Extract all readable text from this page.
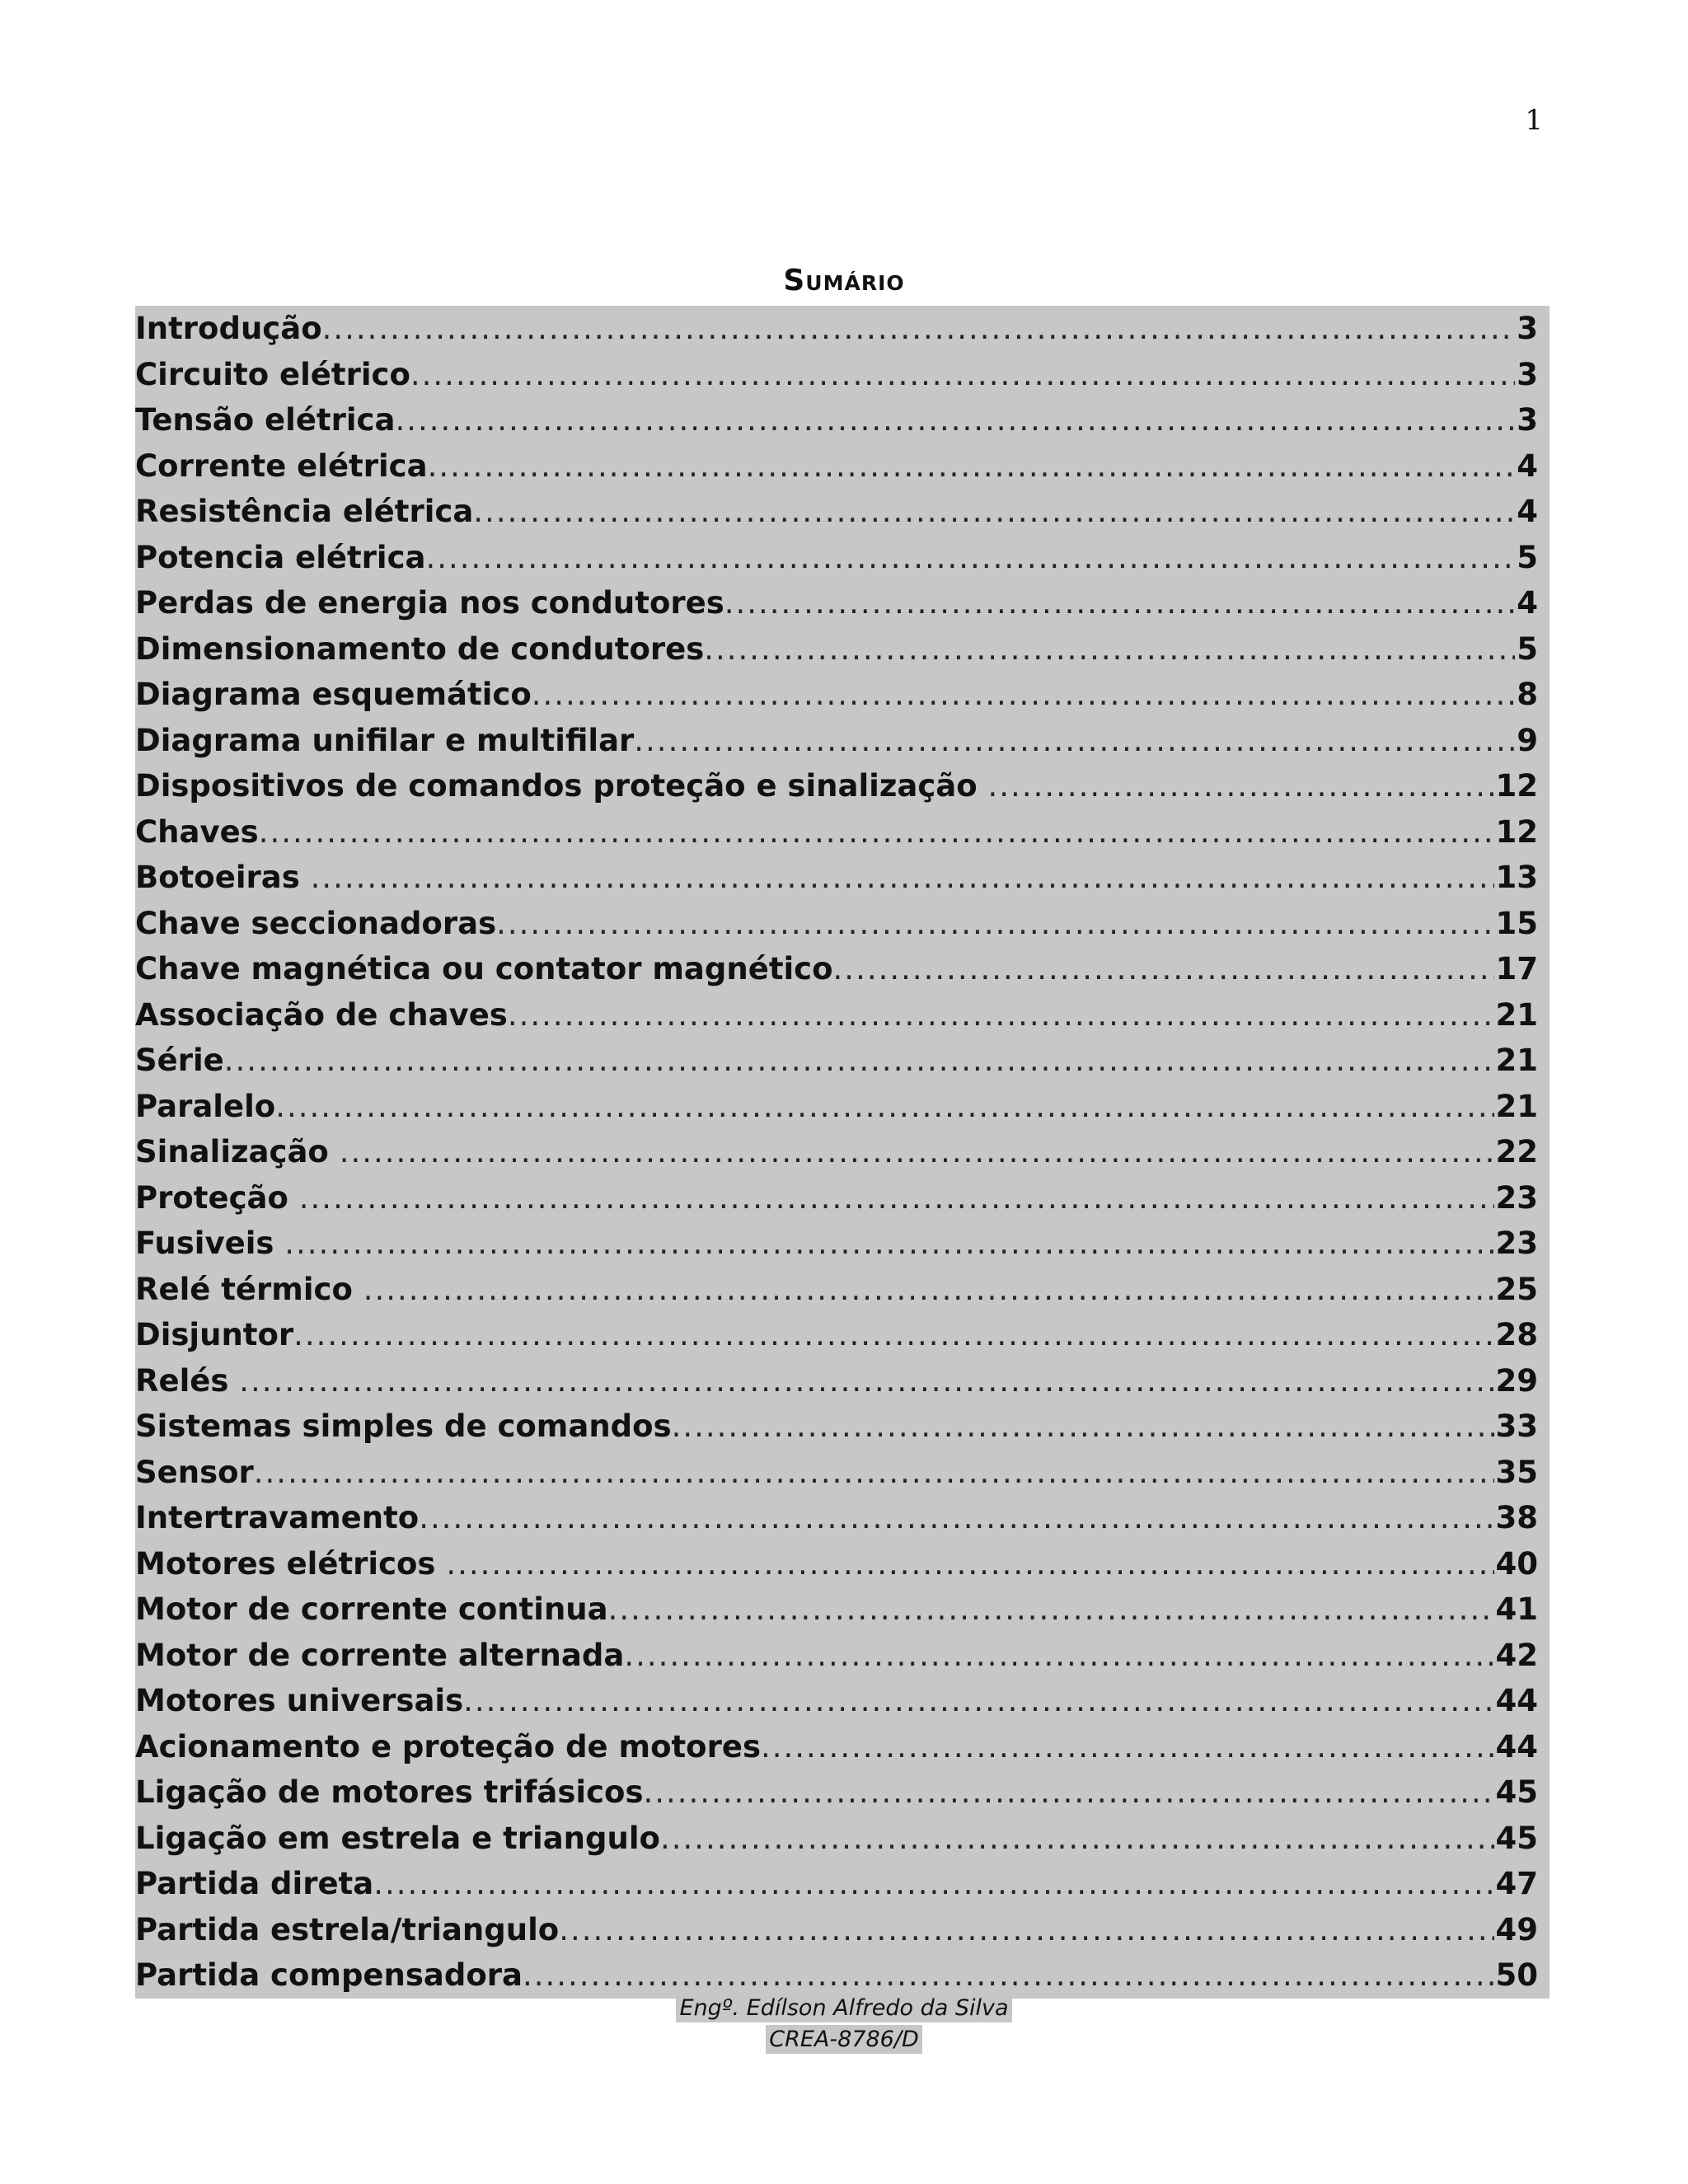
1
Sumário
Introdução .....	3
Circuito elétrico .....	3
Tensão elétrica .....	3
Corrente elétrica .....	4
Resistência elétrica .....	4
Potencia elétrica .....	5
Perdas de energia nos condutores .....	4
Dimensionamento de condutores .....	5
Diagrama esquemático .....	8
Diagrama unifilar e multifilar .....	9
Dispositivos de comandos proteção e sinalização .....	12
Chaves .....	12
Botoeiras .....	13
Chave seccionadoras .....	15
Chave magnética ou contator magnético .....	17
Associação de chaves .....	21
Série .....	21
Paralelo .....	21
Sinalização .....	22
Proteção .....	23
Fusiveis .....	23
Relé térmico .....	25
Disjuntor .....	28
Relés .....	29
Sistemas simples de comandos .....	33
Sensor .....	35
Intertravamento .....	38
Motores elétricos .....	40
Motor de corrente continua .....	41
Motor de corrente alternada .....	42
Motores universais .....	44
Acionamento e proteção de motores .....	44
Ligação de motores trifásicos .....	45
Ligação em estrela e triangulo .....	45
Partida direta .....	47
Partida estrela/triangulo .....	49
Partida compensadora .....	50
Engº. Edílson Alfredo da Silva
CREA-8786/D
